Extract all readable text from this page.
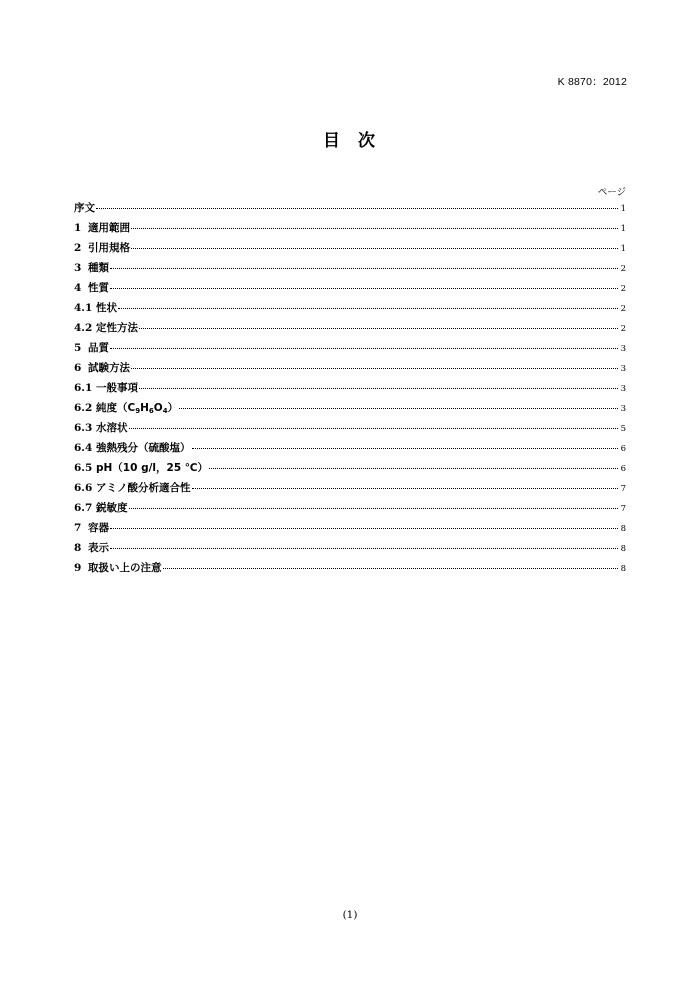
K 8870：2012
目 次
ページ
序文	1
1 適用範囲	1
2 引用規格	1
3 種類	2
4 性質	2
4.1 性状	2
4.2 定性方法	2
5 品質	3
6 試験方法	3
6.1 一般事項	3
6.2 純度$(C_9H_6O_4)$	3
6.3 水溶状	5
6.4 強熱残分（硫酸塩）	6
6.5 pH（10 g/l，25 ℃）	6
6.6 アミノ酸分析適合性	7
6.7 鋭敏度	7
7 容器	8
8 表示	8
9 取扱い上の注意	8
(1)
